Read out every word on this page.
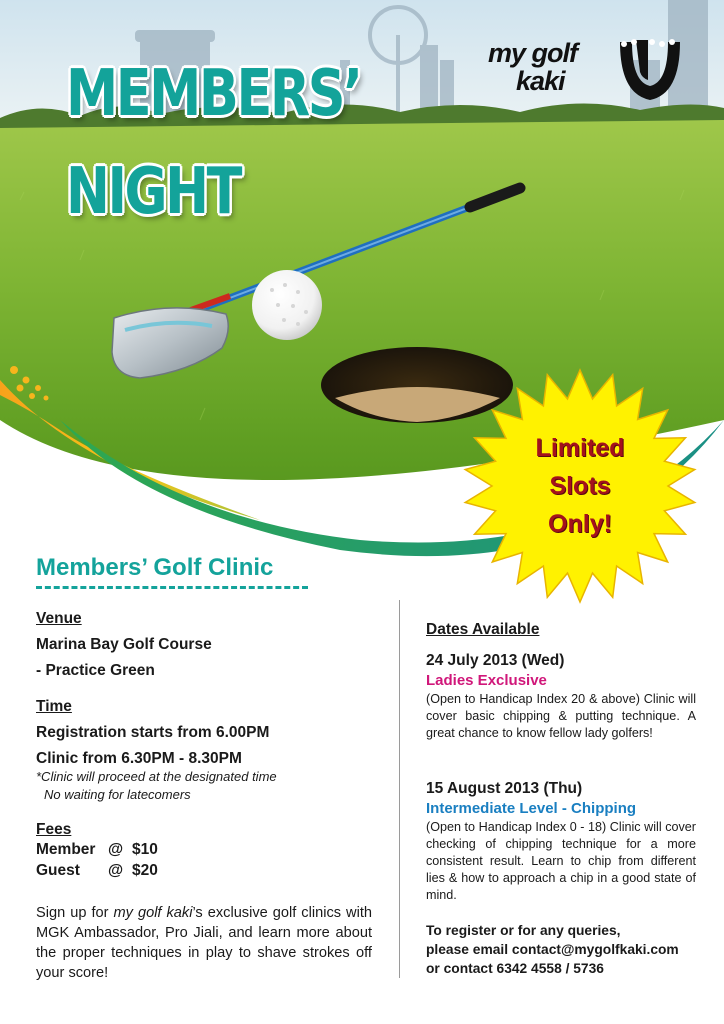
MEMBERS’
NIGHT
my golf
kaki
Limited
Slots
Only!
Members’ Golf Clinic
Venue
Marina Bay Golf Course
- Practice Green
Time
Registration starts from 6.00PM
Clinic from 6.30PM - 8.30PM
*Clinic will proceed at the designated time
No waiting for latecomers
Fees
Member @ $10
Guest @ $20
Sign up for my golf kaki’s exclusive golf clinics with MGK Ambassador, Pro Jiali, and learn more about the proper techniques in play to shave strokes off your score!
Dates Available
24 July 2013 (Wed)
Ladies Exclusive
(Open to Handicap Index 20 & above) Clinic will cover basic chipping & putting technique. A great chance to know fellow lady golfers!
15 August 2013 (Thu)
Intermediate Level - Chipping
(Open to Handicap Index 0 - 18) Clinic will cover checking of chipping technique for a more consistent result. Learn to chip from different lies & how to approach a chip in a good state of mind.
To register or for any queries,
please email contact@mygolfkaki.com
or contact 6342 4558 / 5736
